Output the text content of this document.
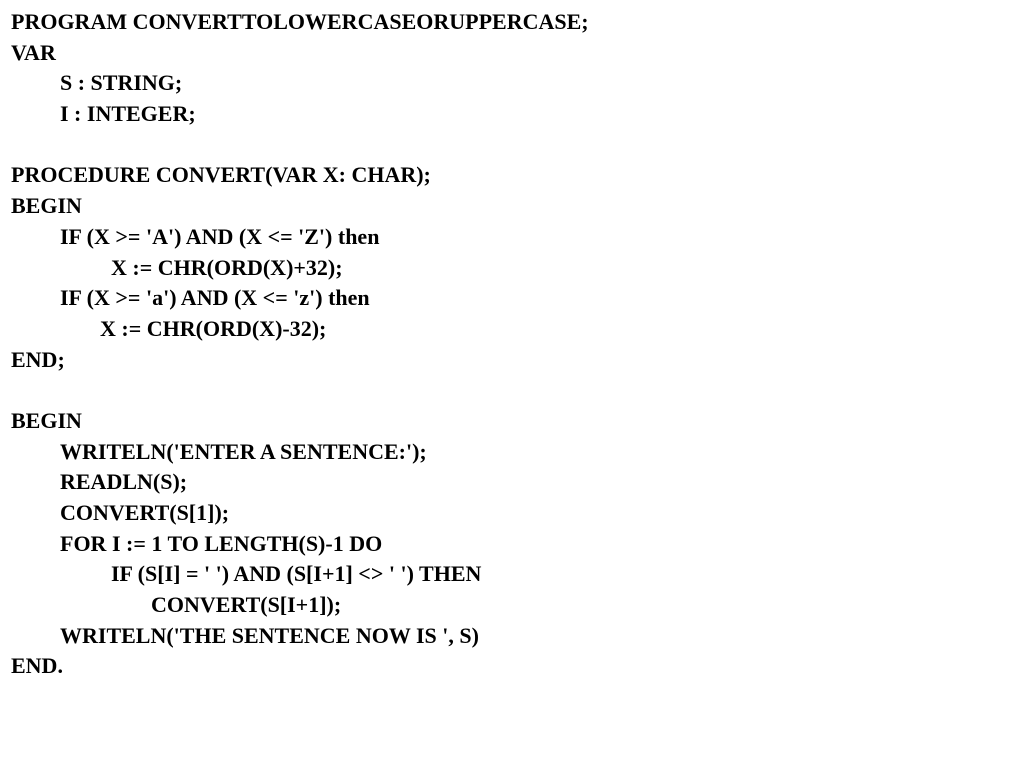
PROGRAM CONVERTTOLOWERCASEORUPPERCASE;
VAR
S : STRING;
I : INTEGER;
PROCEDURE CONVERT(VAR X: CHAR);
BEGIN
IF (X >= 'A') AND (X <= 'Z') then
X := CHR(ORD(X)+32);
IF (X >= 'a') AND (X <= 'z') then
X := CHR(ORD(X)-32);
END;
BEGIN
WRITELN('ENTER A SENTENCE:');
READLN(S);
CONVERT(S[1]);
FOR I := 1 TO LENGTH(S)-1 DO
IF (S[I] = ' ') AND (S[I+1] <> ' ') THEN
CONVERT(S[I+1]);
WRITELN('THE SENTENCE NOW IS ', S)
END.
